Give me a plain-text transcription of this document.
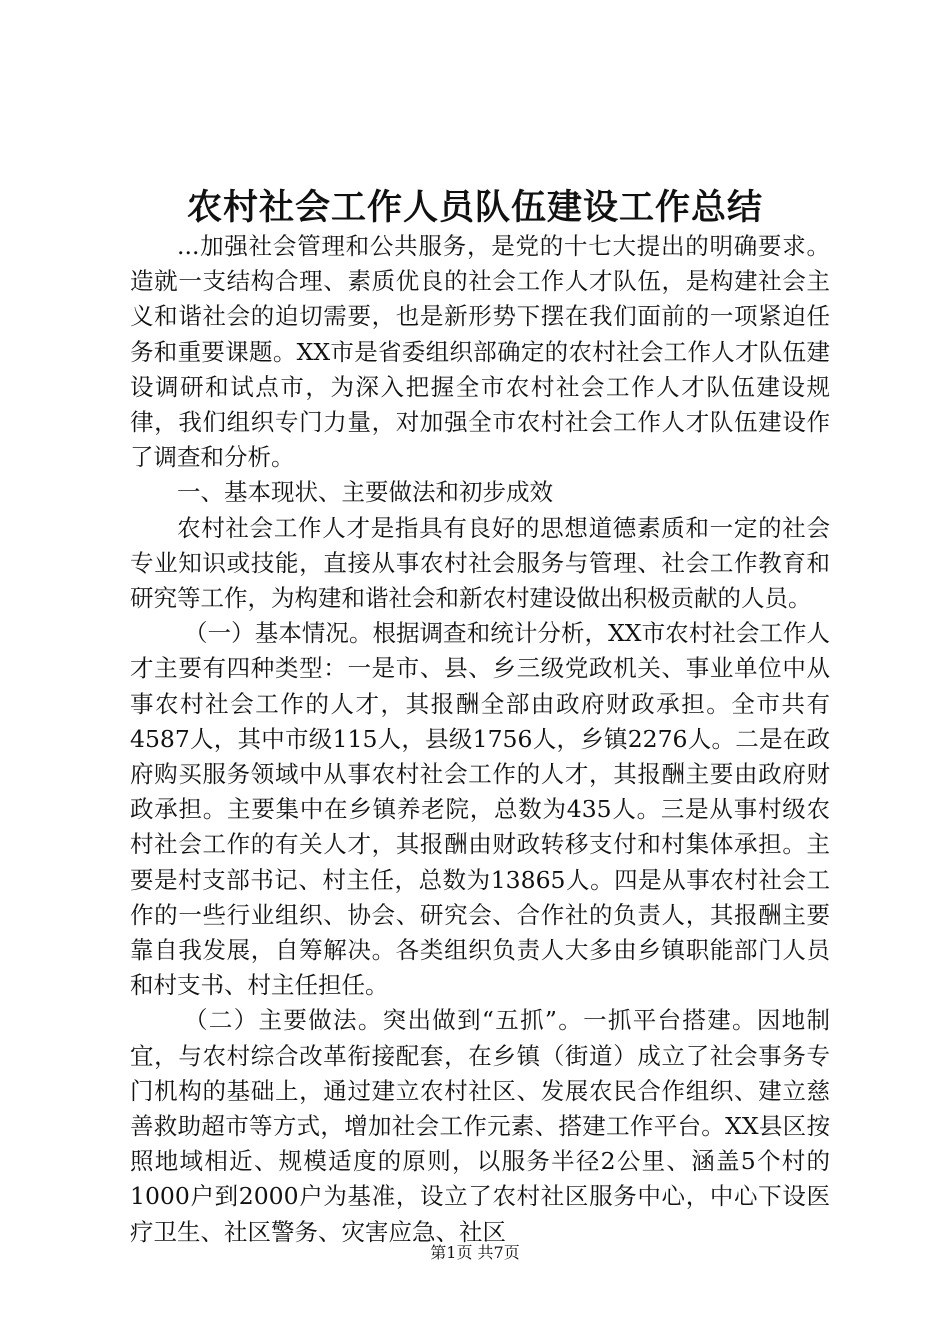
农村社会工作人员队伍建设工作总结

...加强社会管理和公共服务，是党的十七大提出的明确要求。造就一支结构合理、素质优良的社会工作人才队伍，是构建社会主义和谐社会的迫切需要，也是新形势下摆在我们面前的一项紧迫任务和重要课题。XX市是省委组织部确定的农村社会工作人才队伍建设调研和试点市，为深入把握全市农村社会工作人才队伍建设规律，我们组织专门力量，对加强全市农村社会工作人才队伍建设作了调查和分析。

一、基本现状、主要做法和初步成效

农村社会工作人才是指具有良好的思想道德素质和一定的社会专业知识或技能，直接从事农村社会服务与管理、社会工作教育和研究等工作，为构建和谐社会和新农村建设做出积极贡献的人员。

（一）基本情况。根据调查和统计分析，XX市农村社会工作人才主要有四种类型：一是市、县、乡三级党政机关、事业单位中从事农村社会工作的人才，其报酬全部由政府财政承担。全市共有4587人，其中市级115人，县级1756人，乡镇2276人。二是在政府购买服务领域中从事农村社会工作的人才，其报酬主要由政府财政承担。主要集中在乡镇养老院，总数为435人。三是从事村级农村社会工作的有关人才，其报酬由财政转移支付和村集体承担。主要是村支部书记、村主任，总数为13865人。四是从事农村社会工作的一些行业组织、协会、研究会、合作社的负责人，其报酬主要靠自我发展，自筹解决。各类组织负责人大多由乡镇职能部门人员和村支书、村主任担任。

（二）主要做法。突出做到“五抓”。一抓平台搭建。因地制宜，与农村综合改革衔接配套，在乡镇（街道）成立了社会事务专门机构的基础上，通过建立农村社区、发展农民合作组织、建立慈善救助超市等方式，增加社会工作元素、搭建工作平台。XX县区按照地域相近、规模适度的原则，以服务半径2公里、涵盖5个村的1000户到2000户为基准，设立了农村社区服务中心，中心下设医疗卫生、社区警务、灾害应急、社区

第1页 共7页
